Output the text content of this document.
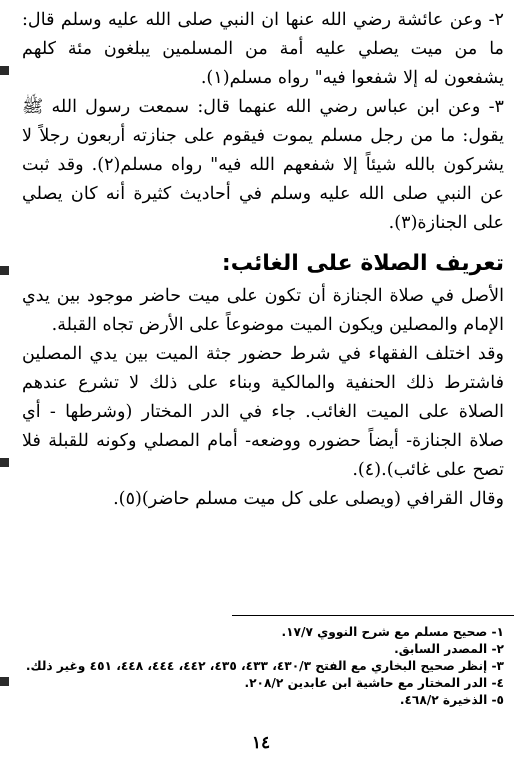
٢- وعن عائشة رضي الله عنها ان النبي صلى الله عليه وسلم قال: ما من ميت يصلي عليه أمة من المسلمين يبلغون مئة كلهم يشفعون له إلا شفعوا فيه" رواه مسلم(١).

٣- وعن ابن عباس رضي الله عنهما قال: سمعت رسول الله ﷺ يقول: ما من رجل مسلم يموت فيقوم على جنازته أربعون رجلاً لا يشركون بالله شيئاً إلا شفعهم الله فيه" رواه مسلم(٢). وقد ثبت عن النبي صلى الله عليه وسلم في أحاديث كثيرة أنه كان يصلي على الجنازة(٣).

تعريف الصلاة على الغائب:

الأصل في صلاة الجنازة أن تكون على ميت حاضر موجود بين يدي الإمام والمصلين ويكون الميت موضوعاً على الأرض تجاه القبلة.

وقد اختلف الفقهاء في شرط حضور جثة الميت بين يدي المصلين فاشترط ذلك الحنفية والمالكية وبناء على ذلك لا تشرع عندهم الصلاة على الميت الغائب. جاء في الدر المختار (وشرطها - أي صلاة الجنازة- أيضاً حضوره ووضعه- أمام المصلي وكونه للقبلة فلا تصح على غائب).(٤).

وقال القرافي (ويصلى على كل ميت مسلم حاضر)(٥).

١- صحيح مسلم مع شرح النووي ١٧/٧.

٢- المصدر السابق.

٣- إنظر صحيح البخاري مع الفتح ٤٣٠/٣، ٤٣٣، ٤٣٥، ٤٤٢، ٤٤٤، ٤٤٨، ٤٥١ وغير ذلك.

٤- الدر المختار مع حاشية ابن عابدين ٢٠٨/٢.

٥- الذخيرة ٤٦٨/٢.

١٤
